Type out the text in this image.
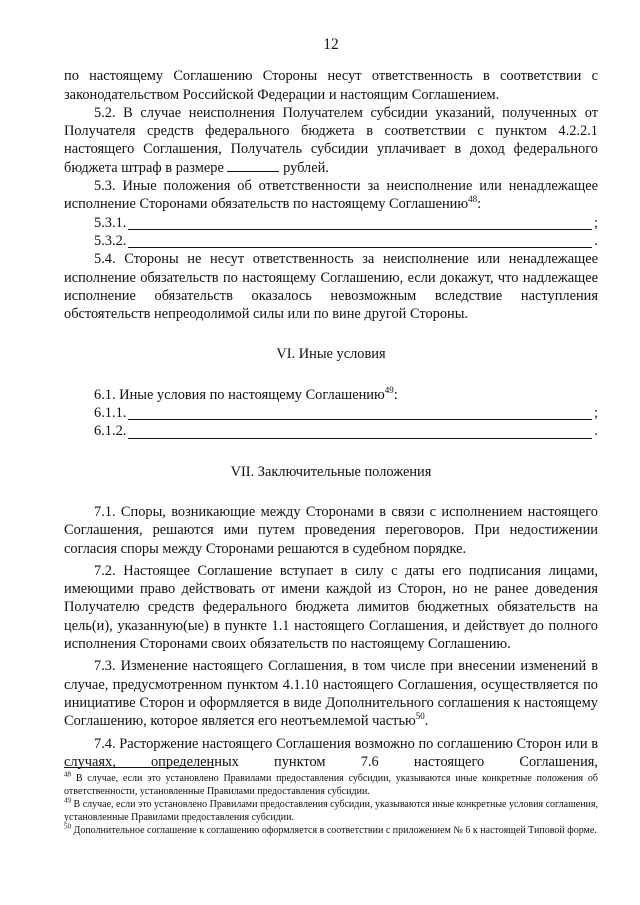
12

по настоящему Соглашению Стороны несут ответственность в соответствии с законодательством Российской Федерации и настоящим Соглашением.

5.2. В случае неисполнения Получателем субсидии указаний, полученных от Получателя средств федерального бюджета в соответствии с пунктом 4.2.2.1 настоящего Соглашения, Получатель субсидии уплачивает в доход федерального бюджета штраф в размере	рублей.

5.3. Иные положения об ответственности за неисполнение или ненадлежащее исполнение Сторонами обязательств по настоящему Соглашению$^{48}$:

5.3.1.	;
5.3.2.	.

5.4. Стороны не несут ответственность за неисполнение или ненадлежащее исполнение обязательств по настоящему Соглашению, если докажут, что надлежащее исполнение обязательств оказалось невозможным вследствие наступления обстоятельств непреодолимой силы или по вине другой Стороны.

VI. Иные условия

6.1. Иные условия по настоящему Соглашению$^{49}$:

6.1.1.	;
6.1.2.	.
VII. Заключительные положения

7.1. Споры, возникающие между Сторонами в связи с исполнением настоящего Соглашения, решаются ими путем проведения переговоров. При недостижении согласия споры между Сторонами решаются в судебном порядке.

7.2. Настоящее Соглашение вступает в силу с даты его подписания лицами, имеющими право действовать от имени каждой из Сторон, но не ранее доведения Получателю средств федерального бюджета лимитов бюджетных обязательств на цель(и), указанную(ые) в пункте 1.1 настоящего Соглашения, и действует до полного исполнения Сторонами своих обязательств по настоящему Соглашению.

7.3. Изменение настоящего Соглашения, в том числе при внесении изменений в случае, предусмотренном пунктом 4.1.10 настоящего Соглашения, осуществляется по инициативе Сторон и оформляется в виде Дополнительного соглашения к настоящему Соглашению, которое является его неотъемлемой частью$^{50}$.

7.4. Расторжение настоящего Соглашения возможно по соглашению Сторон или в случаях, определенных пунктом 7.6 настоящего Соглашения,

$^{48}$ В случае, если это установлено Правилами предоставления субсидии, указываются иные конкретные положения об ответственности, установленные Правилами предоставления субсидии.

$^{49}$ В случае, если это установлено Правилами предоставления субсидии, указываются иные конкретные условия соглашения, установленные Правилами предоставления субсидии.

$^{50}$ Дополнительное соглашение к соглашению оформляется в соответствии с приложением № 6 к настоящей Типовой форме.
